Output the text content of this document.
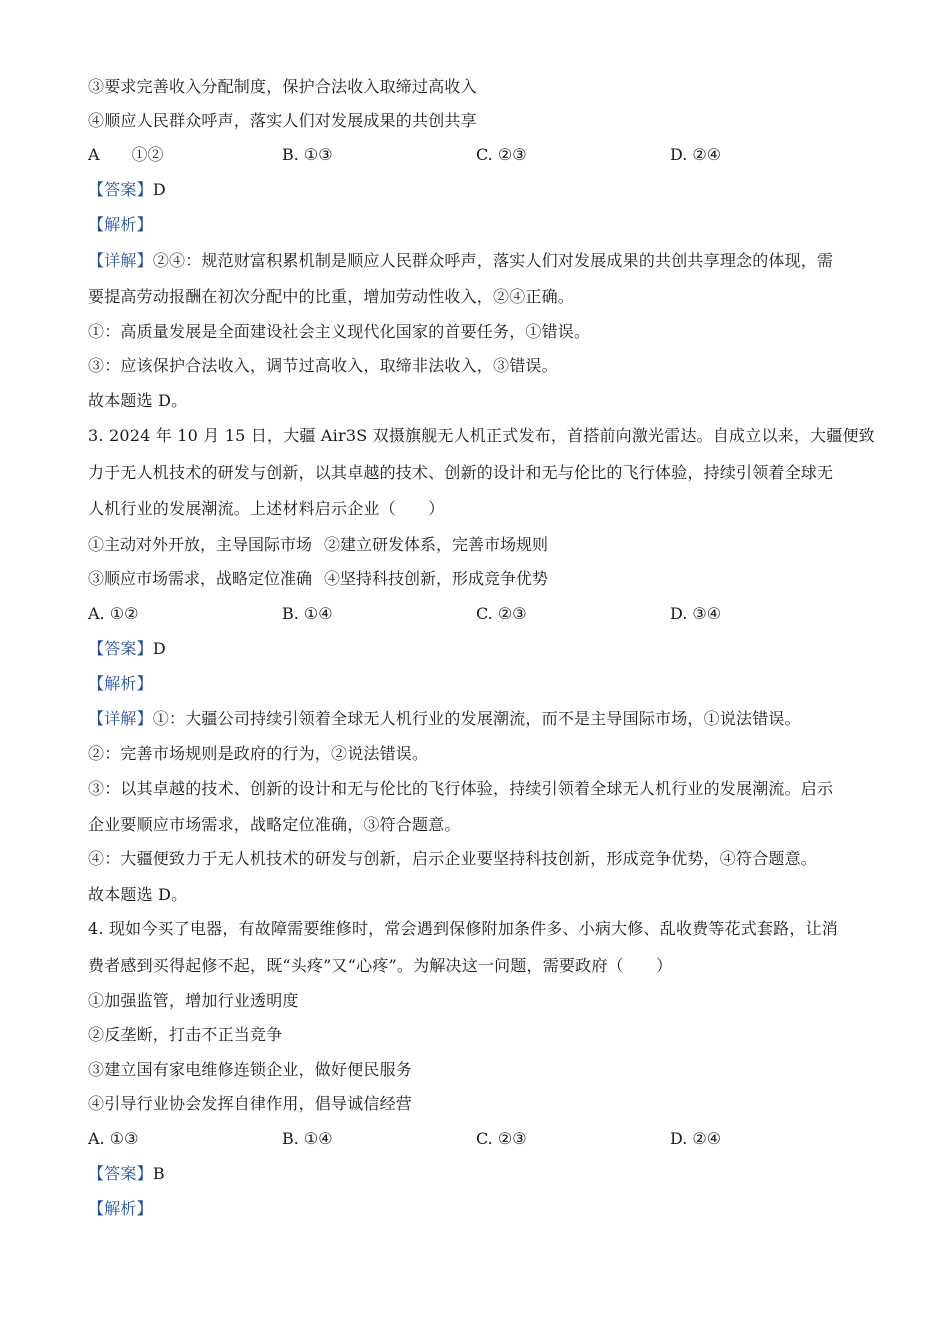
③要求完善收入分配制度，保护合法收入取缔过高收入
④顺应人民群众呼声，落实人们对发展成果的共创共享
A　　①②	B. ①③	C. ②③	D. ②④
【答案】D
【解析】
【详解】②④：规范财富积累机制是顺应人民群众呼声，落实人们对发展成果的共创共享理念的体现，需
要提高劳动报酬在初次分配中的比重，增加劳动性收入，②④正确。
①：高质量发展是全面建设社会主义现代化国家的首要任务，①错误。
③：应该保护合法收入，调节过高收入，取缔非法收入，③错误。
故本题选 D。
3. 2024 年 10 月 15 日，大疆 Air3S 双摄旗舰无人机正式发布，首搭前向激光雷达。自成立以来，大疆便致
力于无人机技术的研发与创新，以其卓越的技术、创新的设计和无与伦比的飞行体验，持续引领着全球无
人机行业的发展潮流。上述材料启示企业（　　）
①主动对外开放，主导国际市场 ②建立研发体系，完善市场规则
③顺应市场需求，战略定位准确 ④坚持科技创新，形成竞争优势
A. ①②	B. ①④	C. ②③	D. ③④
【答案】D
【解析】
【详解】①：大疆公司持续引领着全球无人机行业的发展潮流，而不是主导国际市场，①说法错误。
②：完善市场规则是政府的行为，②说法错误。
③：以其卓越的技术、创新的设计和无与伦比的飞行体验，持续引领着全球无人机行业的发展潮流。启示
企业要顺应市场需求，战略定位准确，③符合题意。
④：大疆便致力于无人机技术的研发与创新，启示企业要坚持科技创新，形成竞争优势，④符合题意。
故本题选 D。
4. 现如今买了电器，有故障需要维修时，常会遇到保修附加条件多、小病大修、乱收费等花式套路，让消
费者感到买得起修不起，既“头疼”又“心疼”。为解决这一问题，需要政府（　　）
①加强监管，增加行业透明度
②反垄断，打击不正当竞争
③建立国有家电维修连锁企业，做好便民服务
④引导行业协会发挥自律作用，倡导诚信经营
A. ①③	B. ①④	C. ②③	D. ②④
【答案】B
【解析】
